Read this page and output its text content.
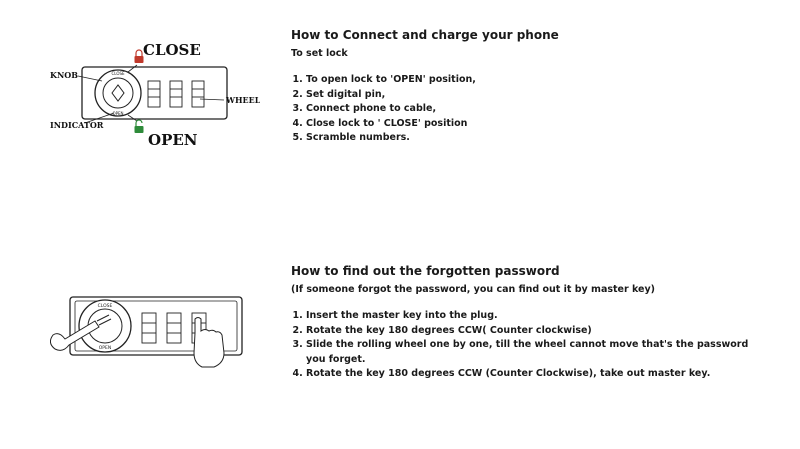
CLOSE
OPEN
CLOSE
OPEN
KNOB
INDICATOR
WHEEL
How to Connect and charge your phone
To set lock
1. To open lock to 'OPEN' position,
2. Set digital pin,
3. Connect phone to cable,
4. Close lock to ' CLOSE' position
5. Scramble numbers.
CLOSE
OPEN
How to find out the forgotten password
(If someone forgot the password, you can find out it by master key)
1. Insert the master key into the plug.
2. Rotate the key 180 degrees CCW( Counter clockwise)
3. Slide the rolling wheel one by one, till the wheel cannot move that's the password you forget.
4. Rotate the key 180 degrees CCW (Counter Clockwise), take out master key.
